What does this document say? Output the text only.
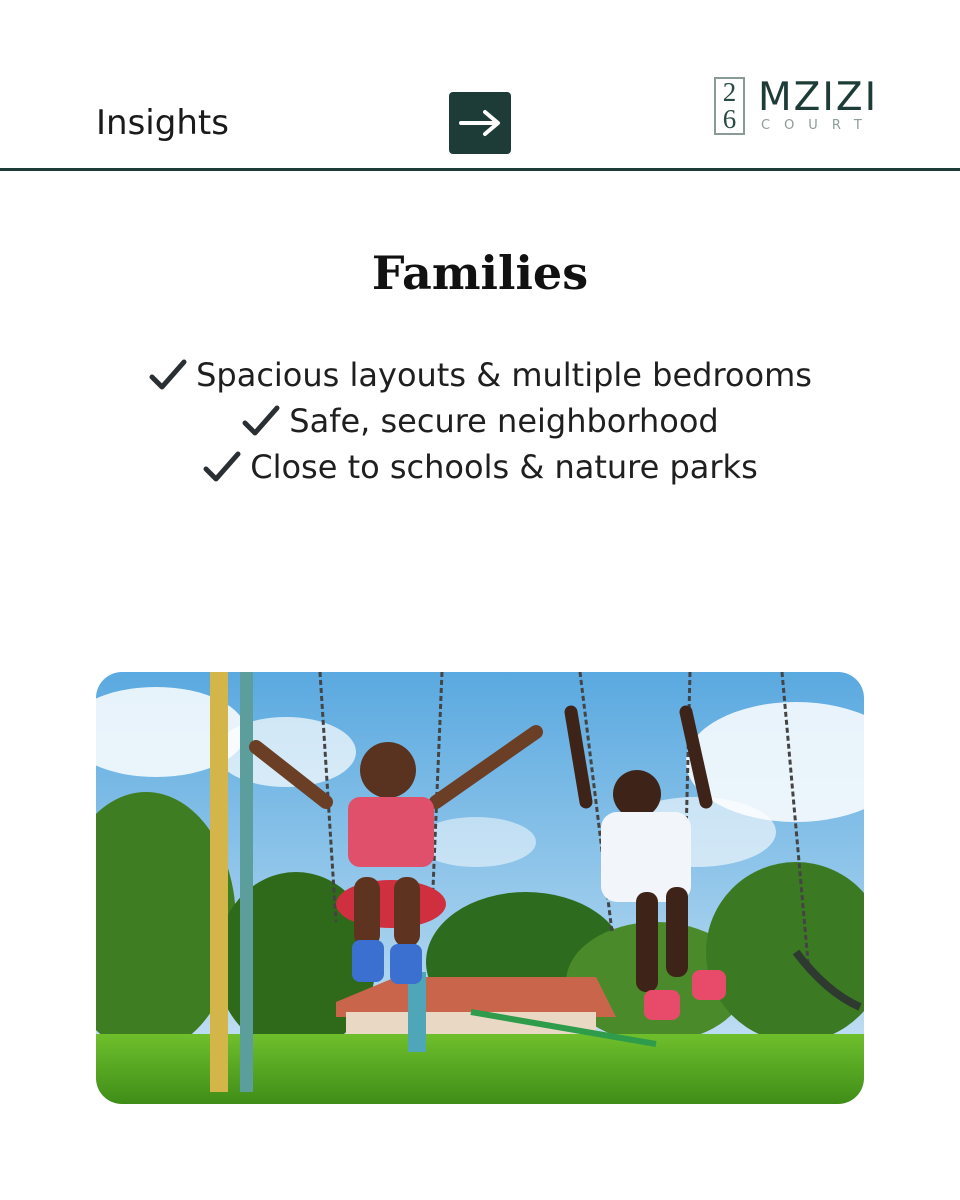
Insights
2
6 MZIZI
COURT
Families
Spacious layouts & multiple bedrooms
Safe, secure neighborhood
Close to schools & nature parks
